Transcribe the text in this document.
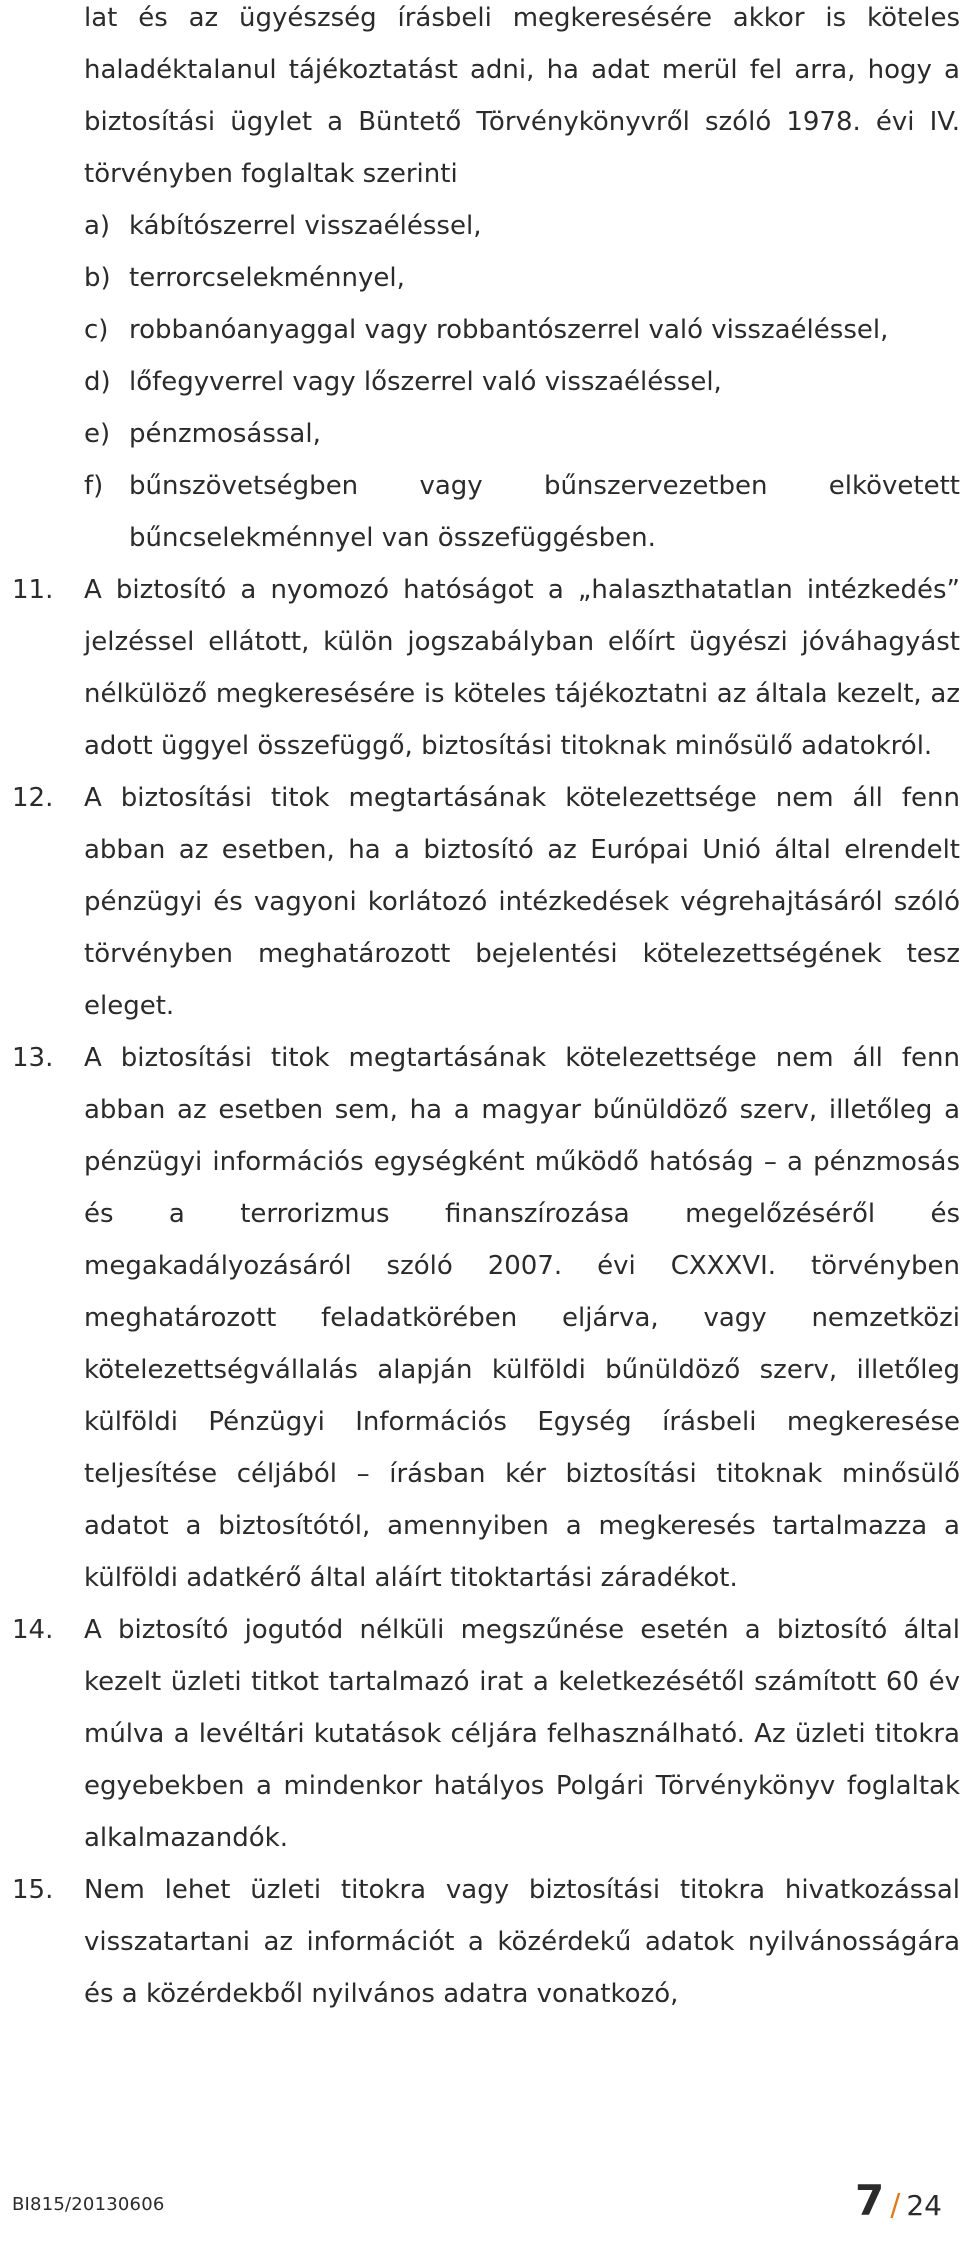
lat és az ügyészség írásbeli megkeresésére akkor is köteles haladéktalanul tájékoztatást adni, ha adat merül fel arra, hogy a biztosítási ügylet a Büntető Törvénykönyvről szóló 1978. évi IV. törvényben foglaltak szerinti

a) kábítószerrel visszaéléssel,

b) terrorcselekménnyel,

c) robbanóanyaggal vagy robbantószerrel való visszaéléssel,

d) lőfegyverrel vagy lőszerrel való visszaéléssel,

e) pénzmosással,

f) bűnszövetségben vagy bűnszervezetben elkövetett bűncselekménnyel van összefüggésben.

11.	A biztosító a nyomozó hatóságot a „halaszthatatlan intézkedés” jelzéssel ellátott, külön jogszabályban előírt ügyészi jóváhagyást nélkülöző megkeresésére is köteles tájékoztatni az általa kezelt, az adott üggyel összefüggő, biztosítási titoknak minősülő adatokról.

12.	A biztosítási titok megtartásának kötelezettsége nem áll fenn abban az esetben, ha a biztosító az Európai Unió által elrendelt pénzügyi és vagyoni korlátozó intézkedések végrehajtásáról szóló törvényben meghatározott bejelentési kötelezettségének tesz eleget.

13.	A biztosítási titok megtartásának kötelezettsége nem áll fenn abban az esetben sem, ha a magyar bűnüldöző szerv, illetőleg a pénzügyi információs egységként működő hatóság – a pénzmosás és a terrorizmus finanszírozása megelőzéséről és megakadályozásáról szóló 2007. évi CXXXVI. törvényben meghatározott feladatkörében eljárva, vagy nemzetközi kötelezettségvállalás alapján külföldi bűnüldöző szerv, illetőleg külföldi Pénzügyi Információs Egység írásbeli megkeresése teljesítése céljából – írásban kér biztosítási titoknak minősülő adatot a biztosítótól, amennyiben a megkeresés tartalmazza a külföldi adatkérő által aláírt titoktartási záradékot.

14.	A biztosító jogutód nélküli megszűnése esetén a biztosító által kezelt üzleti titkot tartalmazó irat a keletkezésétől számított 60 év múlva a levéltári kutatások céljára felhasználható. Az üzleti titokra egyebekben a mindenkor hatályos Polgári Törvénykönyv foglaltak alkalmazandók.

15.	Nem lehet üzleti titokra vagy biztosítási titokra hivatkozással visszatartani az információt a közérdekű adatok nyilvánosságára és a közérdekből nyilvános adatra vonatkozó,

BI815/20130606	7 / 24
